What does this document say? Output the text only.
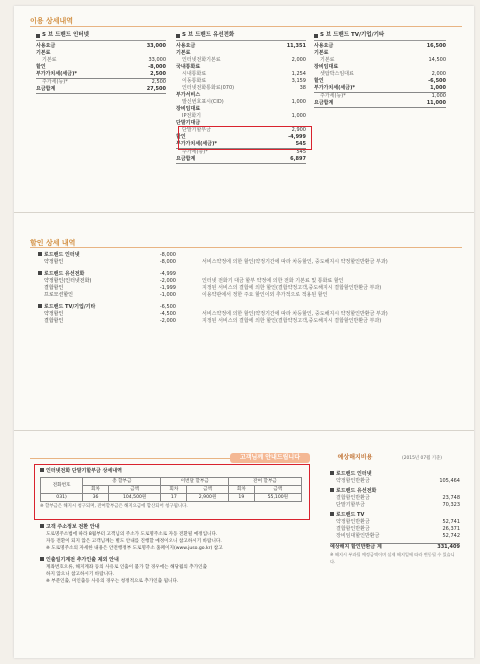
이용 상세내역
S 브 드밴드 인터넷
사용요금	33,000
기본료
기본료	33,000
할인	-8,000
부가가치세(세금)*	2,500
주가세(등)*	2,500
요금합계	27,500
S 브 드밴드 유선전화
사용요금	11,351
기본료
인터넷전화기본료	2,000
국내통화료
시내통화료	1,254
이동통화료	3,159
인터넷전화통화료(070)	38
부가서비스
발신번호표시(CID)	1,000
장비임대료
IP전화기	1,000
단말기대금
단말기할부금	2,900
할인	-4,999
부가가치세(세금)*	545
주가세(등)*	545
요금합계	6,897
S 브 드밴드 TV/기업/기타
사용요금	16,500
기본료
기본료	14,500
장비임대료
셋탑박스임대료	2,000
할인	-6,500
부가가치세(세금)*	1,000
주가세(등)*	1,000
요금합계	11,000
할인 상세 내역
로드밴드 인터넷	-8,000
약정할인	-8,000	서비스약정에 의한 할인(약정기간에 따라 차등할인, 중도해지시 약정할인반환금 부과)
로드밴드 유선전화	-4,999
약정할인(인터넷전화)	-2,000	인터넷 전화기 대금 할부 약정에 의한 전화 기본료 및 통화료 할인
결합할인	-1,999	지정된 서비스의 결합에 의한 할인(결합약정고객,중도해지시 결합할인반환금 부과)
프로모션할인	-1,000	이용약관에서 정한 주요 할인이외 추가적으로 적용된 할인
로드밴드 TV/기업/기타	-6,500
약정할인	-4,500	서비스약정에 의한 할인(약정기간에 따라 차등할인, 중도해지시 약정할인반환금 부과)
결합할인	-2,000	지정된 서비스의 결합에 의한 할인(결합약정고객,중도해지시 결합할인반환금 부과)
고객님께 안내드립니다
인터넷전화 단말기할부금 상세내역
전화번호	총 할부금		이번달 할부금		잔여 할부금	
	회차	금액	회차	금액	회차	금액
031)	36	104,500원	17	2,900원	19	55,100원
※ 할부금은 해지시 청구되며, 잔여할부금은 해지요금에 합산되어 청구됩니다.
고객 주소정보 전환 안내
도로명주소법에 따라 8월부터 고객님의 주소가 도로명주소로 자동 전환될 예정입니다.
자동 전환이 되지 않은 고객님께는 별도 안내를 진행할 예정이오니 참고하시기 바랍니다.
※ 도로명주소의 자세한 내용은 안전행정부 도로명주소 홈페이지(www.juso.go.kr) 참고
인출일기계전 추가인출 제외 안내
계좌번호오류, 해지계좌 등의 사유로 인출이 불가 할 경우에는 해당월의 추가인출
하지 않으니 참고하시기 바랍니다.
※ 부분인출, 미인출등 사유의 경우는 청정적으로 추가인출 됩니다.
예상해지비용	(2015년 07월 기준)
로드밴드 인터넷
약정할인반환금	105,464
로드밴드 유선전화
결합할인반환금	23,748
단말기할부금	70,323
로드밴드 TV
약정할인반환금	52,741
결합할인반환금	26,371
장비임대할인반환금	52,742
예상해지 할인반환금 계	331,409
※ 해지시 부과될 예정금액이며 실제 해지일에 따라 변동될 수 있습니다.
